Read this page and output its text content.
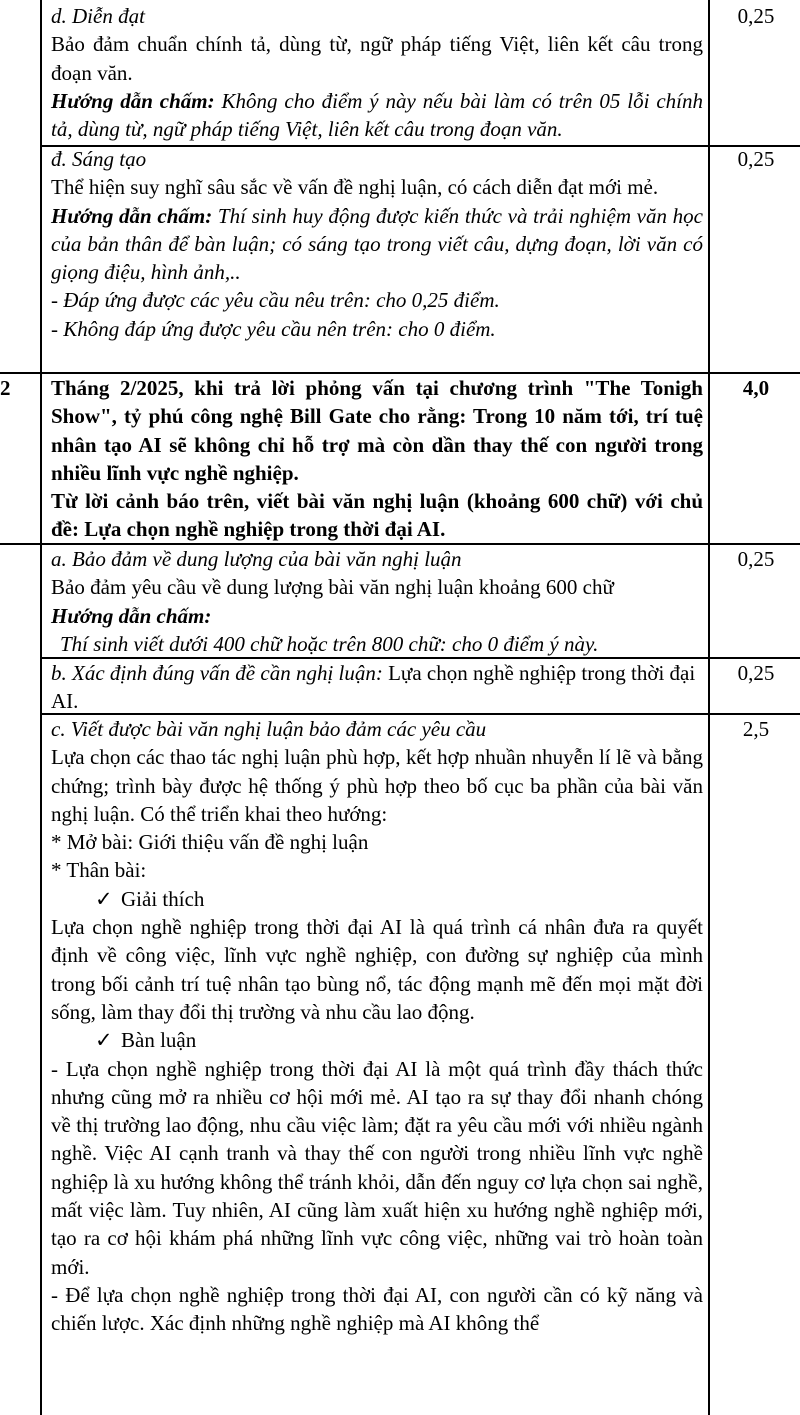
d. Diễn đạt
Bảo đảm chuẩn chính tả, dùng từ, ngữ pháp tiếng Việt, liên kết câu trong đoạn văn.
Hướng dẫn chấm: Không cho điểm ý này nếu bài làm có trên 05 lỗi chính tả, dùng từ, ngữ pháp tiếng Việt, liên kết câu trong đoạn văn.
0,25
đ. Sáng tạo
Thể hiện suy nghĩ sâu sắc về vấn đề nghị luận, có cách diễn đạt mới mẻ.
Hướng dẫn chấm: Thí sinh huy động được kiến thức và trải nghiệm văn học của bản thân để bàn luận; có sáng tạo trong viết câu, dựng đoạn, lời văn có giọng điệu, hình ảnh,..
- Đáp ứng được các yêu cầu nêu trên: cho 0,25 điểm.
- Không đáp ứng được yêu cầu nên trên: cho 0 điểm.
0,25
2 Tháng 2/2025, khi trả lời phỏng vấn tại chương trình "The Tonigh Show", tỷ phú công nghệ Bill Gate cho rằng: Trong 10 năm tới, trí tuệ nhân tạo AI sẽ không chỉ hỗ trợ mà còn dần thay thế con người trong nhiều lĩnh vực nghề nghiệp.
Từ lời cảnh báo trên, viết bài văn nghị luận (khoảng 600 chữ) với chủ đề: Lựa chọn nghề nghiệp trong thời đại AI.
4,0
a. Bảo đảm về dung lượng của bài văn nghị luận
Bảo đảm yêu cầu về dung lượng bài văn nghị luận khoảng 600 chữ
Hướng dẫn chấm:
Thí sinh viết dưới 400 chữ hoặc trên 800 chữ: cho 0 điểm ý này.
0,25
b. Xác định đúng vấn đề cần nghị luận: Lựa chọn nghề nghiệp trong thời đại AI.
0,25
c. Viết được bài văn nghị luận bảo đảm các yêu cầu
Lựa chọn các thao tác nghị luận phù hợp, kết hợp nhuần nhuyễn lí lẽ và bằng chứng; trình bày được hệ thống ý phù hợp theo bố cục ba phần của bài văn nghị luận. Có thể triển khai theo hướng:
* Mở bài: Giới thiệu vấn đề nghị luận
* Thân bài:
✓ Giải thích
Lựa chọn nghề nghiệp trong thời đại AI là quá trình cá nhân đưa ra quyết định về công việc, lĩnh vực nghề nghiệp, con đường sự nghiệp của mình trong bối cảnh trí tuệ nhân tạo bùng nổ, tác động mạnh mẽ đến mọi mặt đời sống, làm thay đổi thị trường và nhu cầu lao động.
✓ Bàn luận
- Lựa chọn nghề nghiệp trong thời đại AI là một quá trình đầy thách thức nhưng cũng mở ra nhiều cơ hội mới mẻ. AI tạo ra sự thay đổi nhanh chóng về thị trường lao động, nhu cầu việc làm; đặt ra yêu cầu mới với nhiều ngành nghề. Việc AI cạnh tranh và thay thế con người trong nhiều lĩnh vực nghề nghiệp là xu hướng không thể tránh khỏi, dẫn đến nguy cơ lựa chọn sai nghề, mất việc làm. Tuy nhiên, AI cũng làm xuất hiện xu hướng nghề nghiệp mới, tạo ra cơ hội khám phá những lĩnh vực công việc, những vai trò hoàn toàn mới.
- Để lựa chọn nghề nghiệp trong thời đại AI, con người cần có kỹ năng và chiến lược. Xác định những nghề nghiệp mà AI không thể
2,5
